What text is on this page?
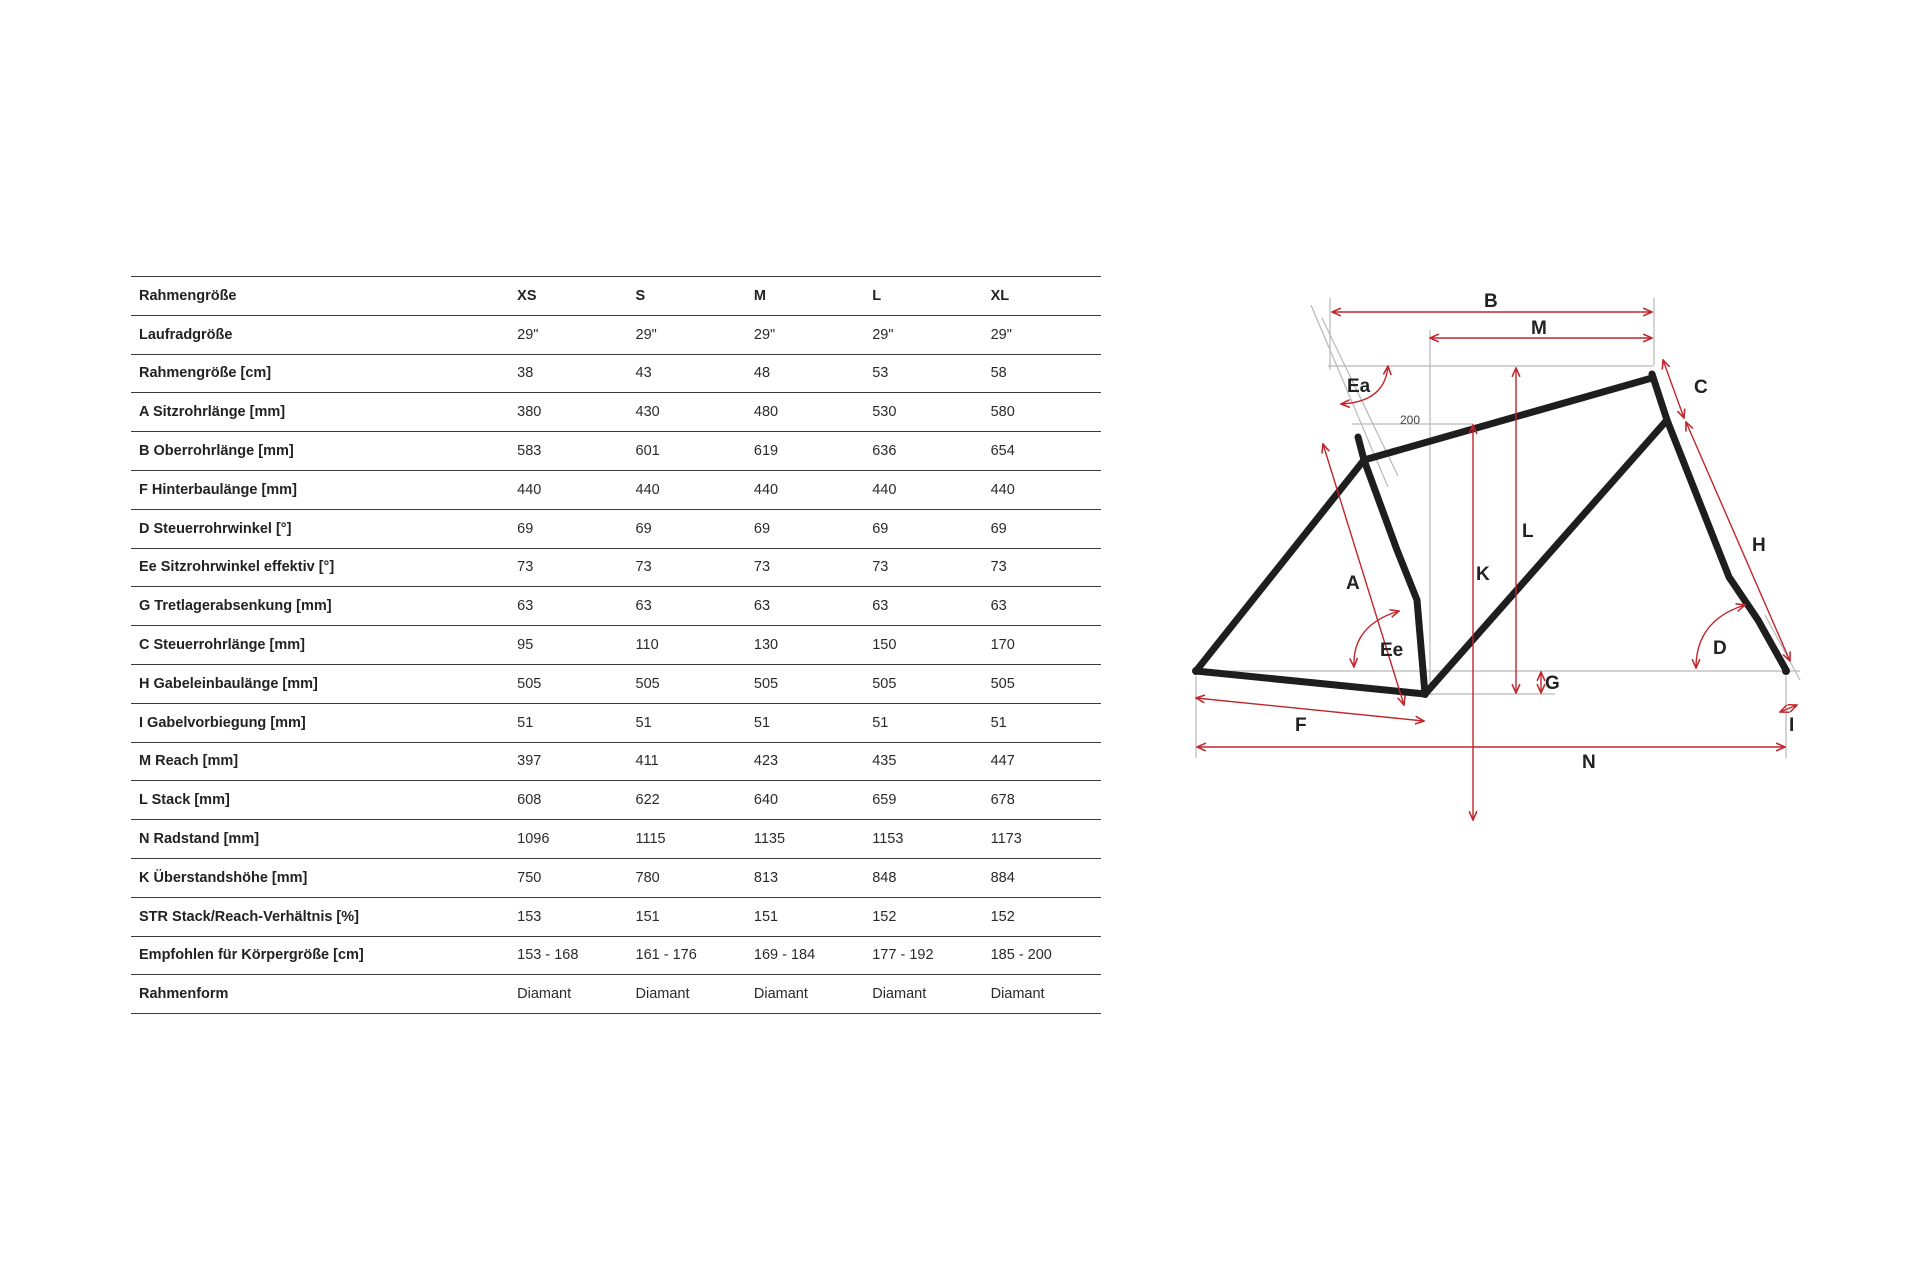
Rahmengröße	XS	S	M	L	XL
Laufradgröße	29"	29"	29"	29"	29"
Rahmengröße [cm]	38	43	48	53	58
A Sitzrohrlänge [mm]	380	430	480	530	580
B Oberrohrlänge [mm]	583	601	619	636	654
F Hinterbaulänge [mm]	440	440	440	440	440
D Steuerrohrwinkel [°]	69	69	69	69	69
Ee Sitzrohrwinkel effektiv [°]	73	73	73	73	73
G Tretlagerabsenkung [mm]	63	63	63	63	63
C Steuerrohrlänge [mm]	95	110	130	150	170
H Gabeleinbaulänge [mm]	505	505	505	505	505
I Gabelvorbiegung [mm]	51	51	51	51	51
M Reach [mm]	397	411	423	435	447
L Stack [mm]	608	622	640	659	678
N Radstand [mm]	1096	1115	1135	1153	1173
K Überstandshöhe [mm]	750	780	813	848	884
STR Stack/Reach-Verhältnis [%]	153	151	151	152	152
Empfohlen für Körpergröße [cm]	153 - 168	161 - 176	169 - 184	177 - 192	185 - 200
Rahmenform	Diamant	Diamant	Diamant	Diamant	Diamant
B
M
C
Ea
200
L
H
A	K
Ee	D
G
F	I
N
